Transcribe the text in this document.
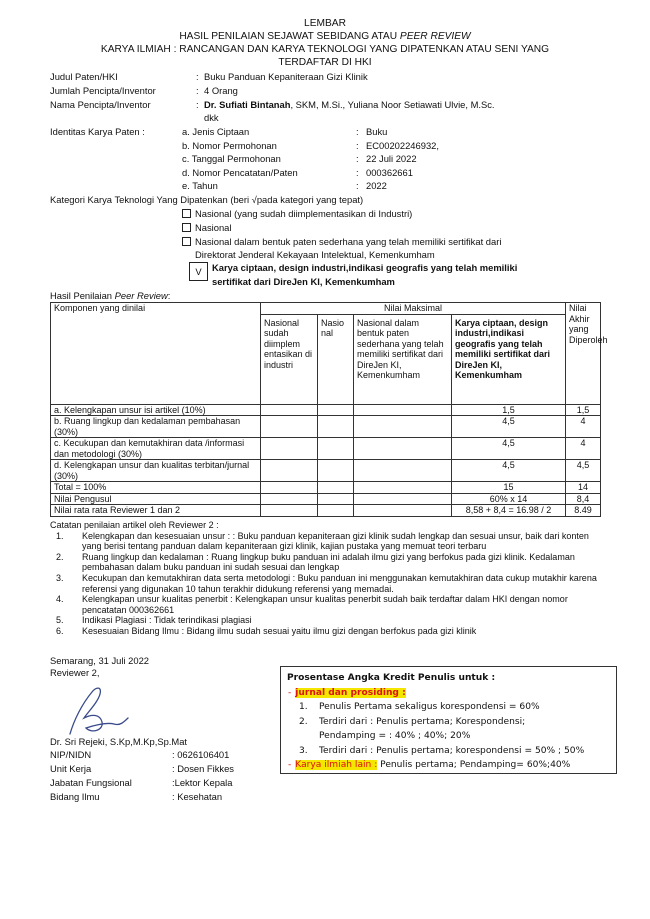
LEMBAR
HASIL PENILAIAN SEJAWAT SEBIDANG ATAU PEER REVIEW
KARYA ILMIAH : RANCANGAN DAN KARYA TEKNOLOGI YANG DIPATENKAN ATAU SENI YANG
TERDAFTAR DI HKI
Judul Paten/HKI	: Buku Panduan Kepaniteraan Gizi Klinik
Jumlah Pencipta/Inventor	: 4 Orang
Nama Pencipta/Inventor	: Dr. Sufiati Bintanah, SKM, M.Si., Yuliana Noor Setiawati Ulvie, M.Sc.
dkk
Identitas Karya Paten :	a. Jenis Ciptaan	: Buku
b. Nomor Permohonan	: EC00202246932,
c. Tanggal Permohonan	: 22 Juli 2022
d. Nomor Pencatatan/Paten	: 000362661
e. Tahun	: 2022
Kategori Karya Teknologi Yang Dipatenkan (beri √pada kategori yang tepat)
Nasional (yang sudah diimplementasikan di Industri)
Nasional
Nasional dalam bentuk paten sederhana yang telah memiliki sertifikat dari
Direktorat Jenderal Kekayaan Intelektual, Kemenkumham
V	Karya ciptaan, design industri,indikasi geografis yang telah memiliki
sertifikat dari DireJen KI, Kemenkumham
Hasil Penilaian Peer Review:
Komponen yang dinilai	Nilai Maksimal				Nilai Akhir yang Diperoleh
	Nasional sudah diimplem entasikan di industri	Nasio nal	Nasional dalam bentuk paten sederhana yang telah memiliki sertifikat dari DireJen KI, Kemenkumham	Karya ciptaan, design industri,indikasi geografis yang telah memiliki sertifikat dari DireJen KI, Kemenkumham	
a. Kelengkapan unsur isi artikel (10%)				1,5	1,5
b. Ruang lingkup dan kedalaman pembahasan (30%)				4,5	4
c. Kecukupan dan kemutakhiran data /informasi dan metodologi (30%)				4,5	4
d. Kelengkapan unsur dan kualitas terbitan/jurnal (30%)				4,5	4,5
Total = 100%				15	14
Nilai Pengusul				60% x 14	8,4
Nilai rata rata Reviewer 1 dan 2				8,58 + 8,4 = 16.98 / 2	8.49
Catatan penilaian artikel oleh Reviewer 2 :
1.	Kelengkapan dan kesesuaian unsur : : Buku panduan kepaniteraan gizi klinik sudah lengkap dan sesuai unsur, baik dari konten yang berisi tentang panduan dalam kepaniteraan gizi klinik, kajian pustaka yang memuat teori terbaru
2.	Ruang lingkup dan kedalaman : Ruang lingkup buku panduan ini adalah ilmu gizi yang berfokus pada gizi klinik. Kedalaman pembahasan dalam buku panduan ini sudah sesuai dan lengkap
3.	Kecukupan dan kemutakhiran data serta metodologi : Buku panduan ini menggunakan kemutakhiran data cukup mutakhir karena referensi yang digunakan 10 tahun terakhir didukung referensi yang memadai.
4.	Kelengkapan unsur kualitas penerbit : Kelengkapan unsur kualitas penerbit sudah baik terdaftar dalam HKI dengan nomor pencatatan 000362661
5.	Indikasi Plagiasi : Tidak terindikasi plagiasi
6.	Kesesuaian Bidang Ilmu : Bidang ilmu sudah sesuai yaitu ilmu gizi dengan berfokus pada gizi klinik
Semarang, 31 Juli 2022
Reviewer 2,
Dr. Sri Rejeki, S.Kp,M.Kp,Sp.Mat
NIP/NIDN	: 0626106401
Unit Kerja	: Dosen Fikkes
Jabatan Fungsional	:Lektor Kepala
Bidang Ilmu	: Kesehatan
Prosentase Angka Kredit Penulis untuk :
- jurnal dan prosiding :
1.	Penulis Pertama sekaligus korespondensi = 60%
2.	Terdiri dari : Penulis pertama; Korespondensi;
Pendamping = : 40% ; 40%; 20%
3.	Terdiri dari : Penulis pertama; korespondensi = 50% ; 50%
- Karya ilmiah lain : Penulis pertama; Pendamping= 60%;40%
